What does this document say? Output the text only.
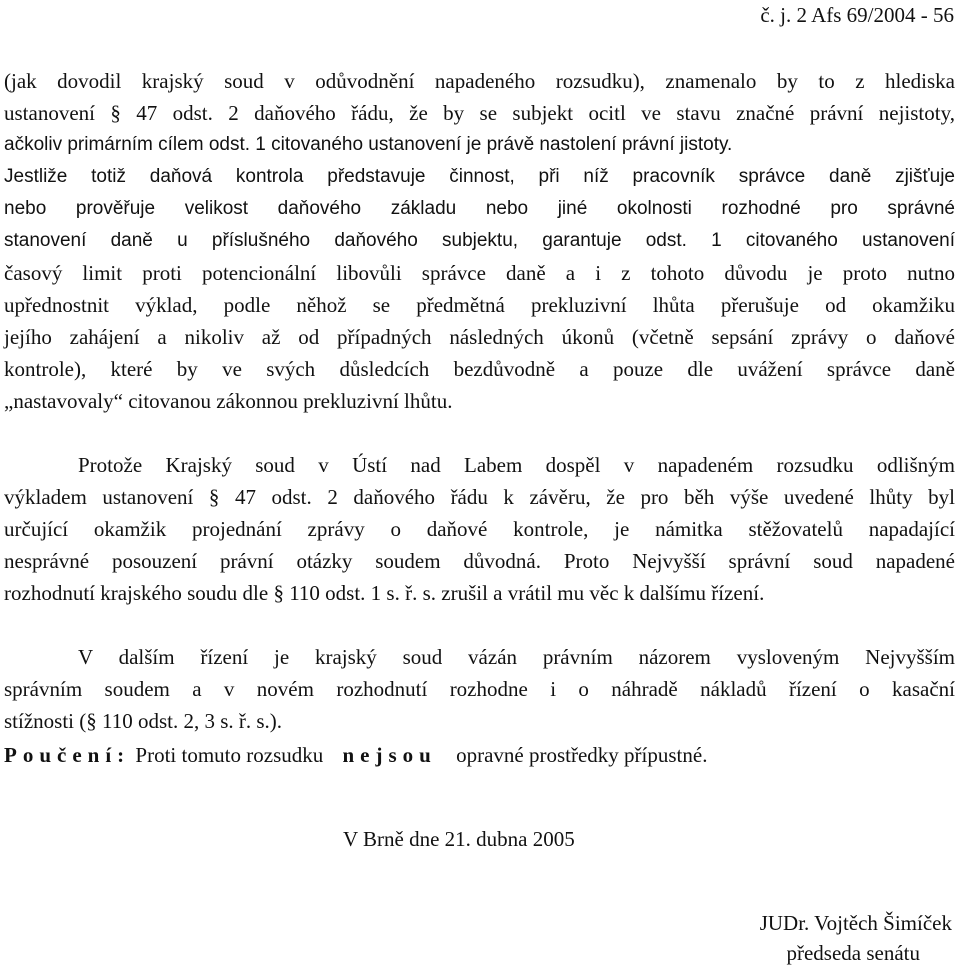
č. j. 2 Afs 69/2004 - 56
(jak dovodil krajský soud v odůvodnění napadeného rozsudku), znamenalo by to z hlediska
ustanovení § 47 odst. 2 daňového řádu, že by se subjekt ocitl ve stavu značné právní nejistoty,
ačkoliv primárním cílem odst. 1 citovaného ustanovení je právě nastolení právní jistoty.
Jestliže totiž daňová kontrola představuje činnost, při níž pracovník správce daně zjišťuje
nebo prověřuje velikost daňového základu nebo jiné okolnosti rozhodné pro správné
stanovení daně u příslušného daňového subjektu, garantuje odst. 1 citovaného ustanovení
časový limit proti potencionální libovůli správce daně a i z tohoto důvodu je proto nutno
upřednostnit výklad, podle něhož se předmětná prekluzivní lhůta přerušuje od okamžiku
jejího zahájení a nikoliv až od případných následných úkonů (včetně sepsání zprávy o daňové
kontrole), které by ve svých důsledcích bezdůvodně a pouze dle uvážení správce daně
„nastavovaly“ citovanou zákonnou prekluzivní lhůtu.
Protože Krajský soud v Ústí nad Labem dospěl v napadeném rozsudku odlišným
výkladem ustanovení § 47 odst. 2 daňového řádu k závěru, že pro běh výše uvedené lhůty byl
určující okamžik projednání zprávy o daňové kontrole, je námitka stěžovatelů napadající
nesprávné posouzení právní otázky soudem důvodná. Proto Nejvyšší správní soud napadené
rozhodnutí krajského soudu dle § 110 odst. 1 s. ř. s. zrušil a vrátil mu věc k dalšímu řízení.
V dalším řízení je krajský soud vázán právním názorem vysloveným Nejvyšším
správním soudem a v novém rozhodnutí rozhodne i o náhradě nákladů řízení o kasační
stížnosti (§ 110 odst. 2, 3 s. ř. s.).
Poučení: Proti tomuto rozsudku nejsou opravné prostředky přípustné.
V Brně dne 21. dubna 2005
JUDr. Vojtěch Šimíček
předseda senátu
